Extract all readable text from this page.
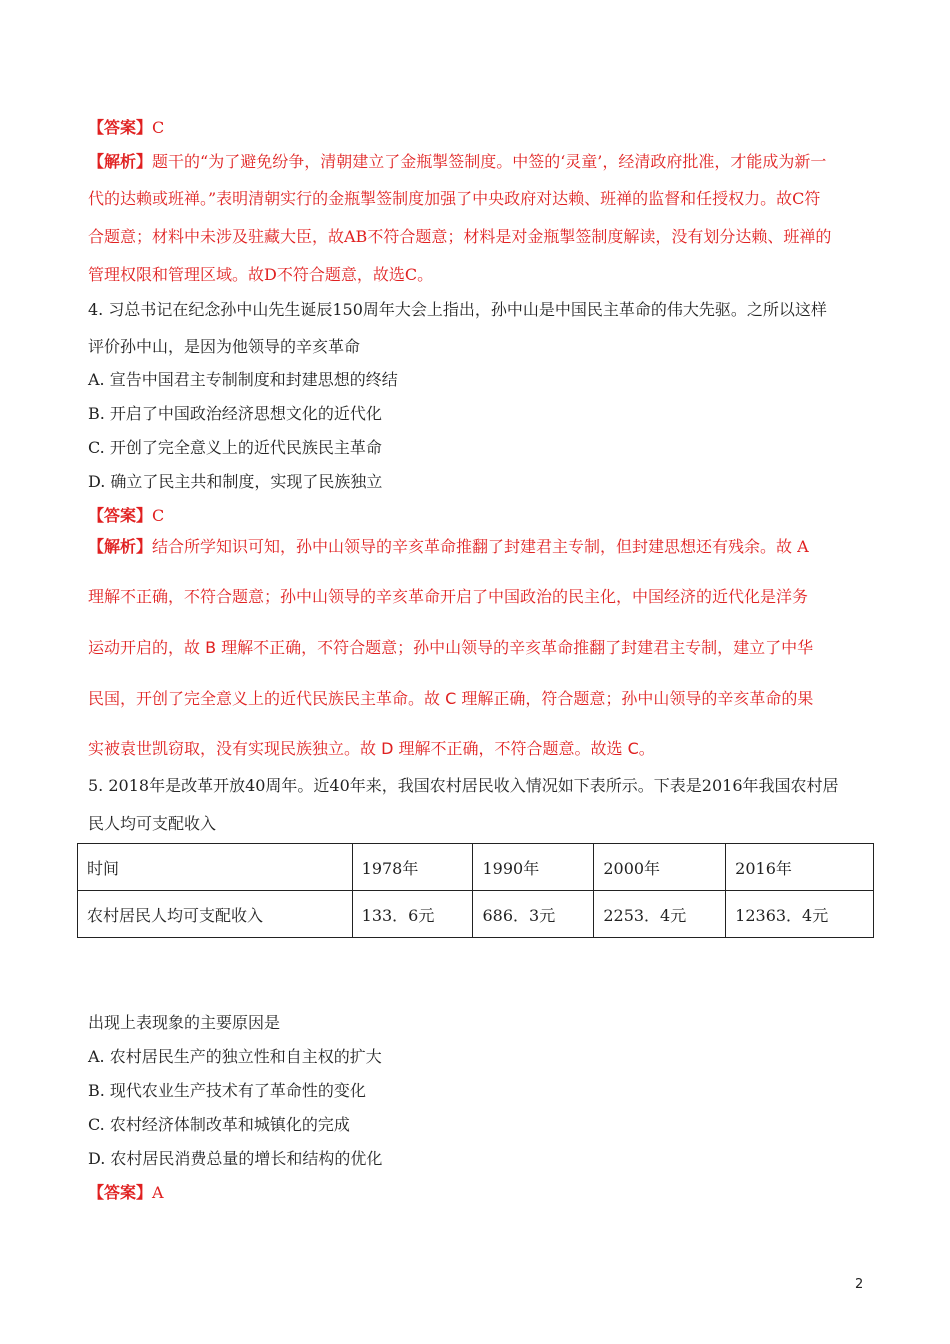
【答案】C
【解析】题干的“为了避免纷争，清朝建立了金瓶掣签制度。中签的‘灵童’，经清政府批准，才能成为新一
代的达赖或班禅。”表明清朝实行的金瓶掣签制度加强了中央政府对达赖、班禅的监督和任授权力。故C符
合题意；材料中未涉及驻藏大臣，故AB不符合题意；材料是对金瓶掣签制度解读，没有划分达赖、班禅的
管理权限和管理区域。故D不符合题意，故选C。
4. 习总书记在纪念孙中山先生诞辰150周年大会上指出，孙中山是中国民主革命的伟大先驱。之所以这样
评价孙中山，是因为他领导的辛亥革命
A. 宣告中国君主专制制度和封建思想的终结
B. 开启了中国政治经济思想文化的近代化
C. 开创了完全意义上的近代民族民主革命
D. 确立了民主共和制度，实现了民族独立
【答案】C
【解析】结合所学知识可知，孙中山领导的辛亥革命推翻了封建君主专制，但封建思想还有残余。故 A
理解不正确，不符合题意；孙中山领导的辛亥革命开启了中国政治的民主化，中国经济的近代化是洋务
运动开启的，故 B 理解不正确，不符合题意；孙中山领导的辛亥革命推翻了封建君主专制，建立了中华
民国，开创了完全意义上的近代民族民主革命。故 C 理解正确，符合题意；孙中山领导的辛亥革命的果
实被袁世凯窃取，没有实现民族独立。故 D 理解不正确，不符合题意。故选 C。
5. 2018年是改革开放40周年。近40年来，我国农村居民收入情况如下表所示。下表是2016年我国农村居
民人均可支配收入
时间	1978年	1990年	2000年	2016年
农村居民人均可支配收入	133．6元	686．3元	2253．4元	12363．4元
出现上表现象的主要原因是
A. 农村居民生产的独立性和自主权的扩大
B. 现代农业生产技术有了革命性的变化
C. 农村经济体制改革和城镇化的完成
D. 农村居民消费总量的增长和结构的优化
【答案】A
2
